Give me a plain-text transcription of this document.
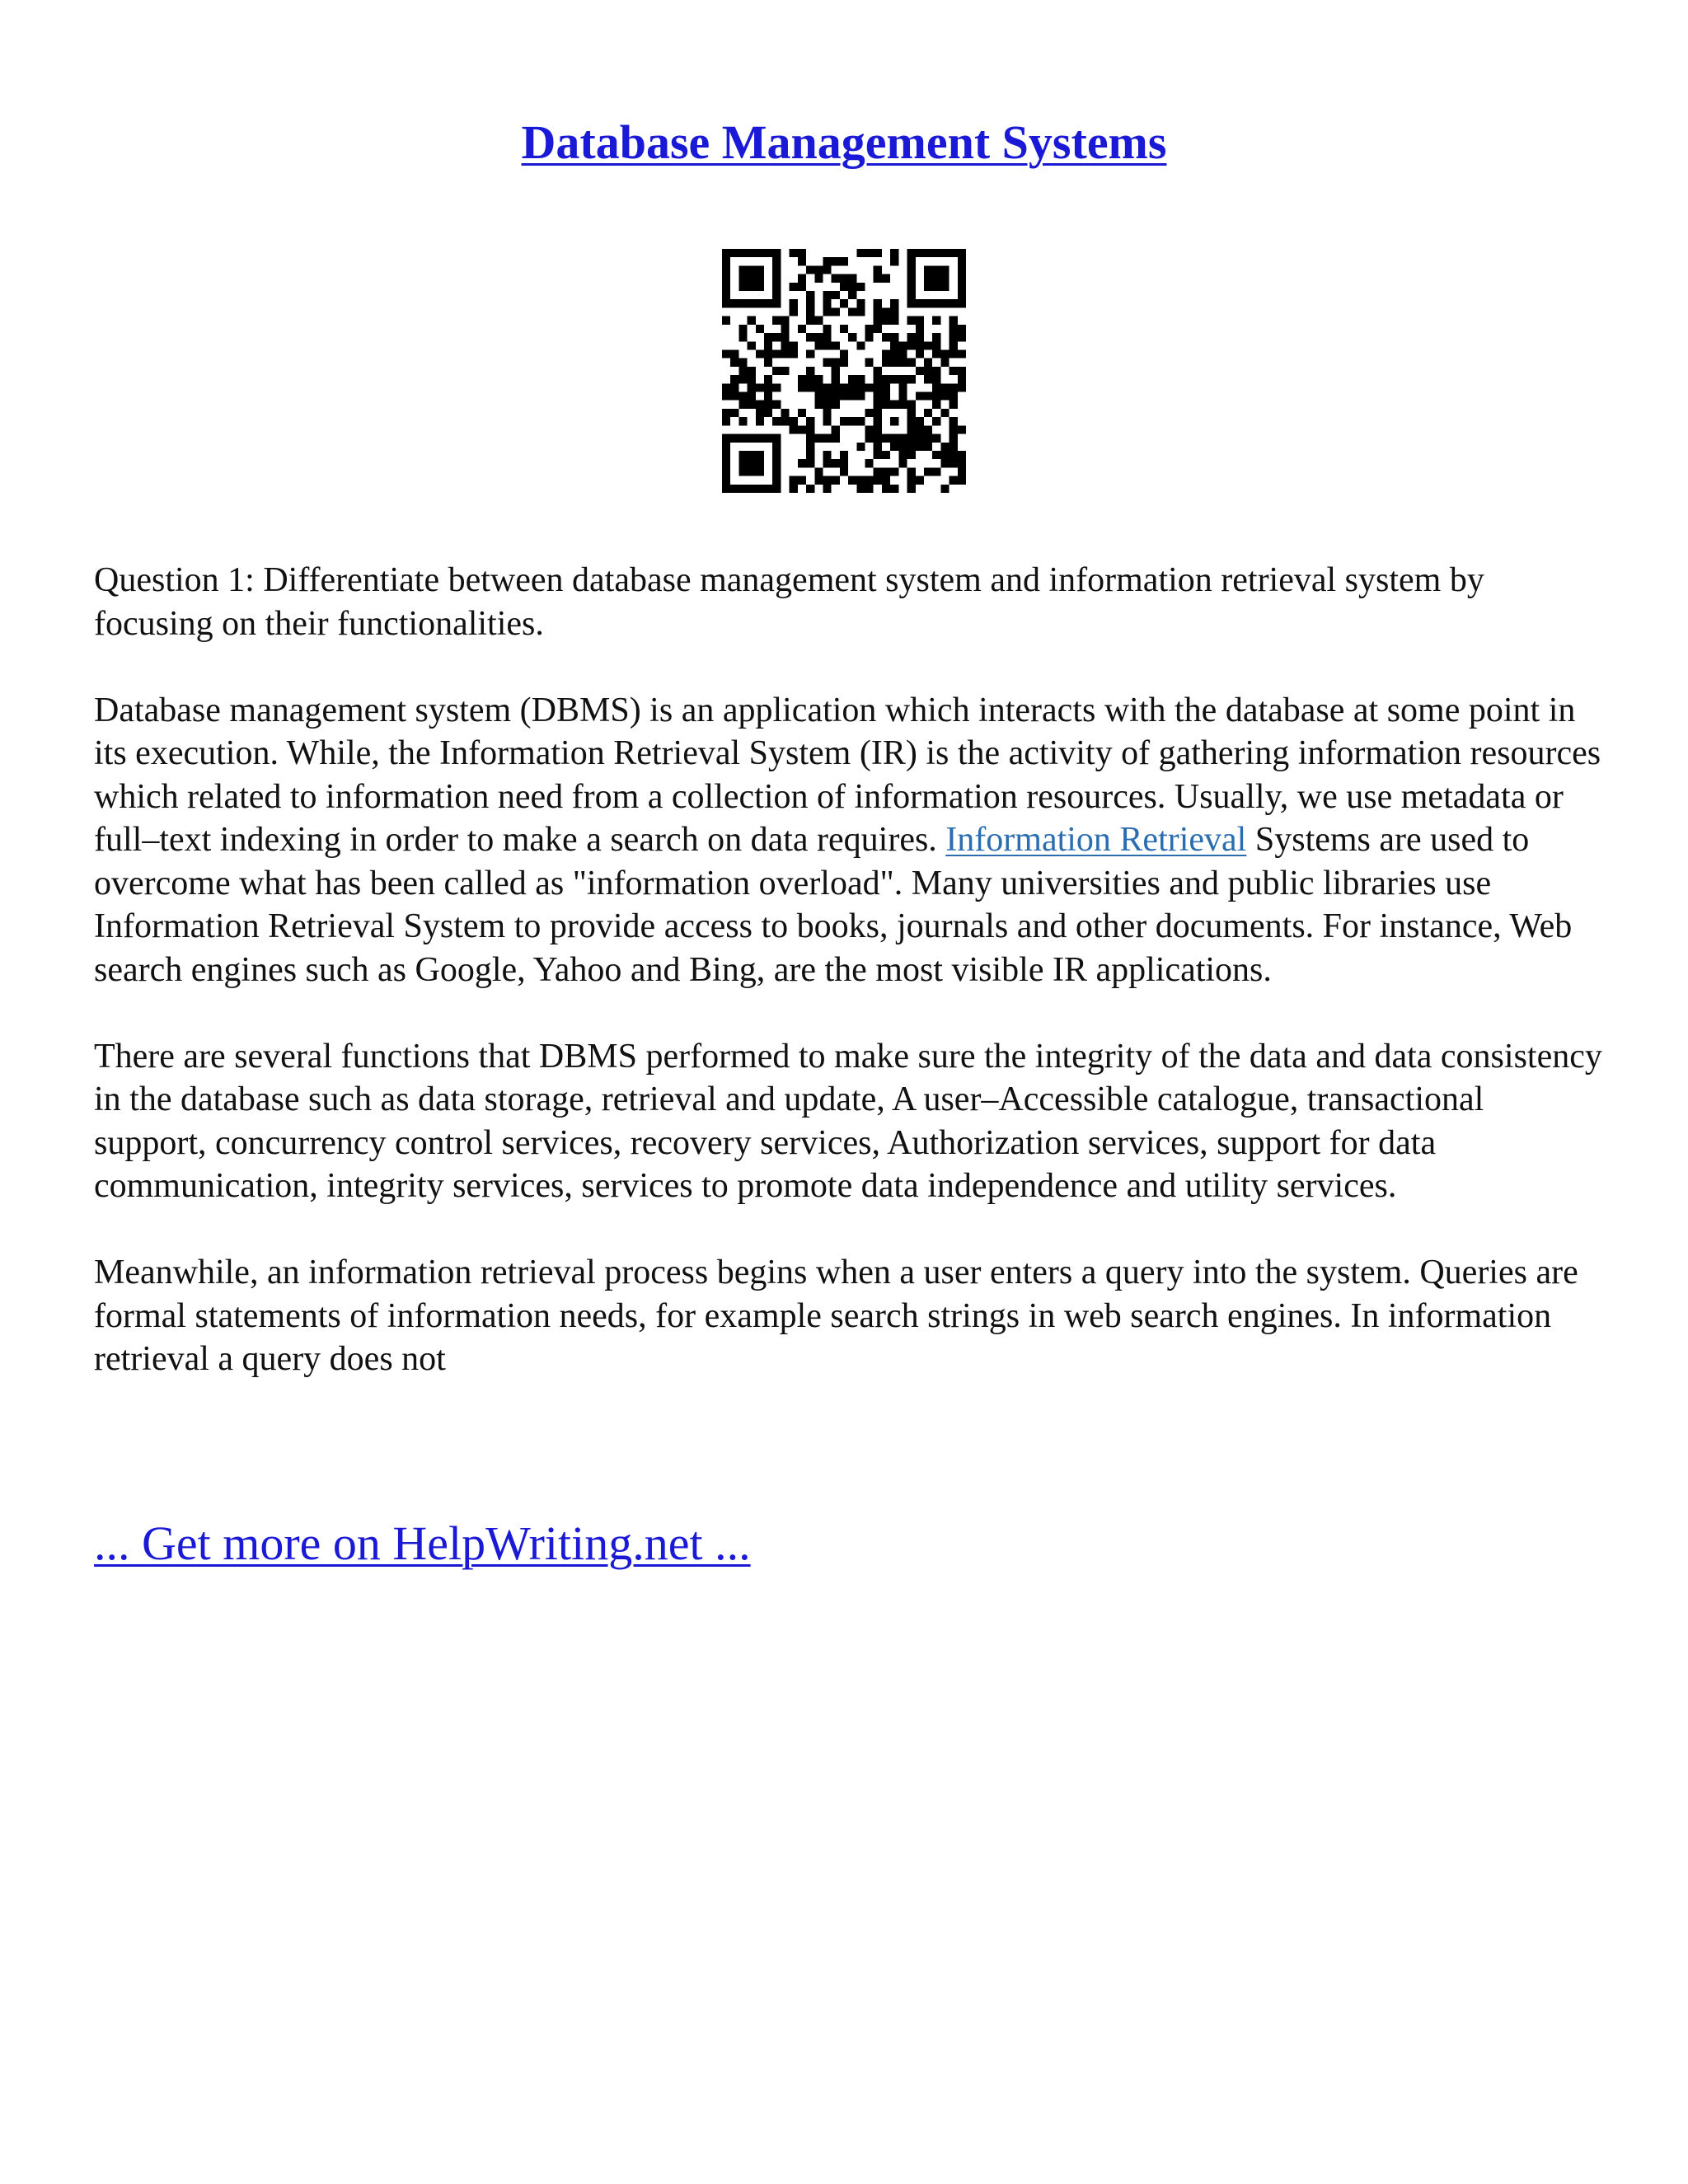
Database Management Systems

Question 1: Differentiate between database management system and information retrieval system by focusing on their functionalities.

Database management system (DBMS) is an application which interacts with the database at some point in its execution. While, the Information Retrieval System (IR) is the activity of gathering information resources which related to information need from a collection of information resources. Usually, we use metadata or full–text indexing in order to make a search on data requires. Information Retrieval Systems are used to overcome what has been called as "information overload". Many universities and public libraries use Information Retrieval System to provide access to books, journals and other documents. For instance, Web search engines such as Google, Yahoo and Bing, are the most visible IR applications.

There are several functions that DBMS performed to make sure the integrity of the data and data consistency in the database such as data storage, retrieval and update, A user–Accessible catalogue, transactional support, concurrency control services, recovery services, Authorization services, support for data communication, integrity services, services to promote data independence and utility services.

Meanwhile, an information retrieval process begins when a user enters a query into the system. Queries are formal statements of information needs, for example search strings in web search engines. In information retrieval a query does not

... Get more on HelpWriting.net ...
